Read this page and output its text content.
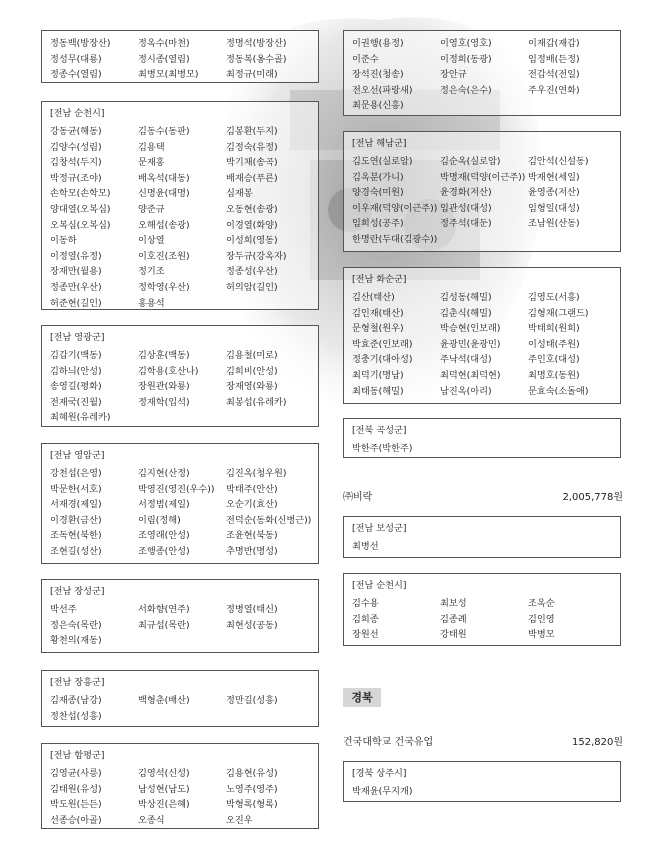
정동백(방장산)	정옥수(마천)	정명석(방장산)
정성무(대룡)	정시종(열림)	정동복(옹수골)
정종수(열림)	최병모(최병모)	최정규(미래)
[전남 순천시]
강동균(해동)	김동수(동판)	김봉환(두지)
김양수(성림)	김용택	김정숙(유정)
김창석(두지)	문재홍	박기채(송곡)
박정규(조야)	배옥석(대동)	배재승(푸른)
손학모(손학모)	신명윤(대명)	심재봉
양대열(오복심)	양준규	오동현(송광)
오복심(오복심)	오해섭(송광)	이경열(화양)
이동하	이상열	이성희(영동)
이정열(유정)	이호진(조원)	장두규(강옥자)
장재만(월용)	정기조	정종성(우산)
정종만(우산)	정학영(우산)	허의암(길인)
허준현(길인)	홍용석
[전남 영광군]
김갑기(백동)	김상훈(백동)	김용철(미로)
김하늬(안성)	김학용(호산나)	김희비(안성)
송영길(평화)	장원관(와룡)	장재영(와룡)
전재국(진월)	정재학(입석)	최봉섭(유레카)
최혜원(유레카)
[전남 영암군]
강천섭(은영)	김지현(산정)	김진옥(청우원)
박문한(서호)	박영진(영진(우수))	박태주(안산)
서재경(제일)	서정범(제일)	오순기(효산)
이경환(금산)	이림(정해)	전덕순(동화(신병근))
조독현(북한)	조영래(안성)	조윤현(북동)
조현길(성산)	조행종(안성)	추명반(명성)
[전남 장성군]
박선주	서화향(연주)	정병열(태신)
정은숙(목란)	최규섭(목란)	최현성(공동)
황천의(재동)
[전남 장흥군]
김재종(남강)	백형춘(배산)	정만길(성흥)
정찬섭(성흥)
[전남 함평군]
김영균(사릉)	김영석(신성)	김용현(유성)
김태원(유성)	남성현(남도)	노영주(영주)
박도원(든든)	박상진(은혜)	박형록(형록)
선종승(아골)	오종식	오진우
이권행(용정)	이영호(영호)	이재갑(재갑)
이준수	이정희(동광)	임정배(든정)
장석진(청송)	장안규	전갑석(전일)
전오선(파랑새)	정은숙(은수)	주우진(연화)
최문용(신흥)
[전남 해남군]
김도연(실로암)	김순옥(실로암)	김안석(신설동)
김옥분(가니)	박명재(덕양(이근주)) 박재현(세일)
양경숙(미원)	윤경화(저산)	윤영종(저산)
이우재(덕양(이근주)) 임관성(대성)	임형일(대성)
임희성(공주)	정주석(대둔)	조남원(산동)
한명란(두대(김광수))
[전남 화순군]
김산(태산)	김성동(해밀)	김영도(서흥)
김인재(태산)	김춘식(해밀)	김형채(그랜드)
문형철(원우)	박승현(인보래)	박태희(원희)
박효준(인보래)	윤광민(윤광민)	이성태(주원)
정충기(대아성)	주낙석(대성)	주인호(대성)
최덕기(명남)	최덕현(최덕현)	최명호(동원)
최태동(해밀)	남진옥(아리)	문효숙(소돌애)
[전북 곡성군]
박한주(박한주)
㈜비락	2,005,778원
[전남 보성군]
최병선
[전남 순천시]
김수용	최보성	조옥순
김희종	김종례	김인영
장원선	강태원	박병모
경북
건국대학교 건국유업	152,820원
[경북 상주시]
박재윤(무지개)
